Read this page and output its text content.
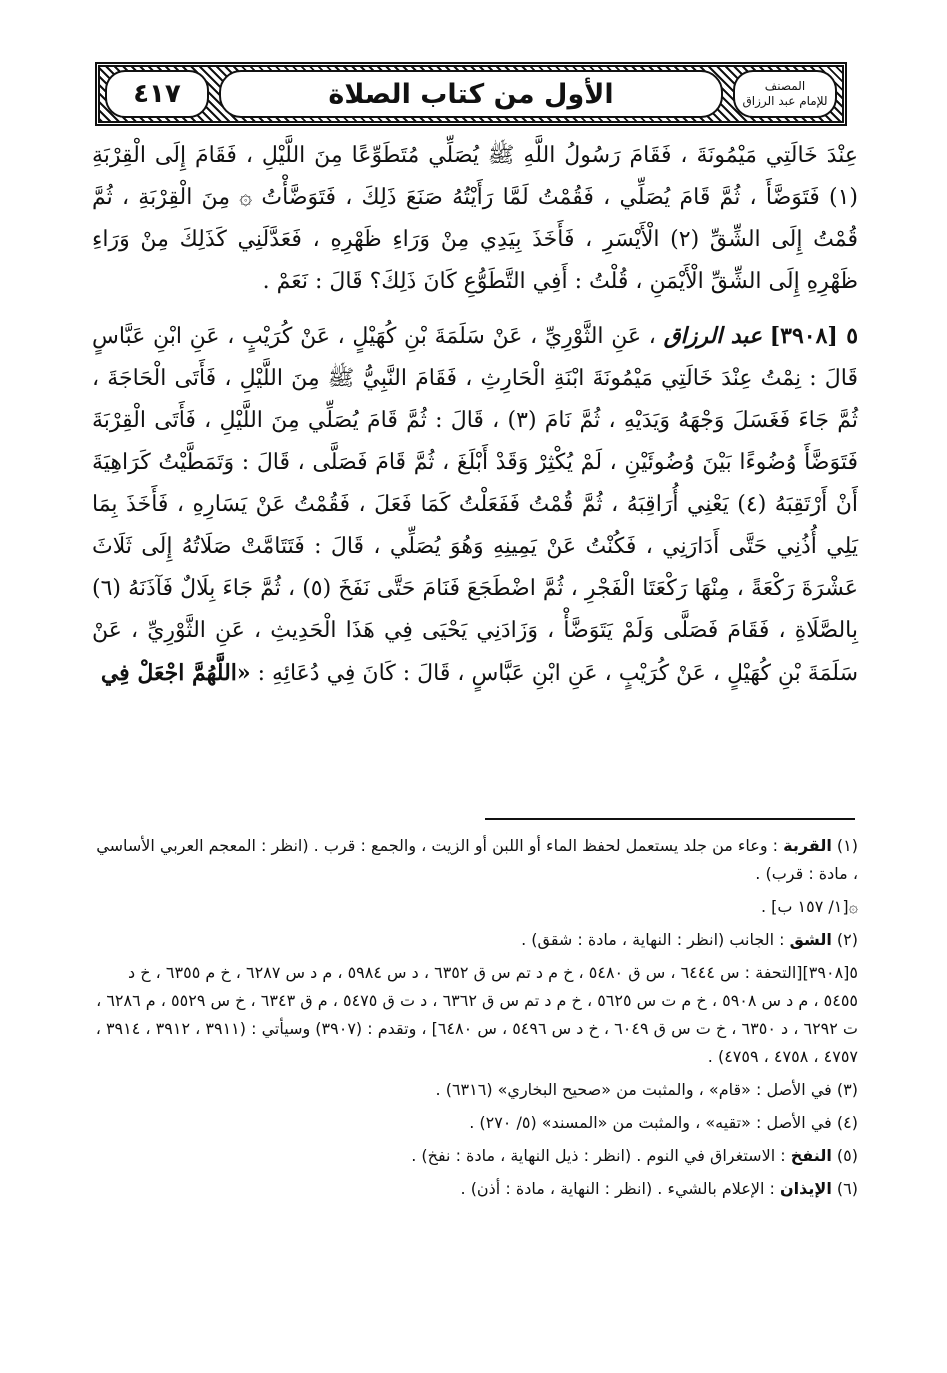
٤١٧	الأول من كتاب الصلاة	المصنف
للإمام عبد الرزاق

عِنْدَ خَالَتِي مَيْمُونَةَ ، فَقَامَ رَسُولُ اللَّهِ ﷺ يُصَلِّي مُتَطَوِّعًا مِنَ اللَّيْلِ ، فَقَامَ إِلَى الْقِرْبَةِ (١) فَتَوَضَّأَ ، ثُمَّ قَامَ يُصَلِّي ، فَقُمْتُ لَمَّا رَأَيْتُهُ صَنَعَ ذَلِكَ ، فَتَوَضَّأْتُ ۞ مِنَ الْقِرْبَةِ ، ثُمَّ قُمْتُ إِلَى الشِّقِّ (٢) الْأَيْسَرِ ، فَأَخَذَ بِيَدِي مِنْ وَرَاءِ ظَهْرِهِ ، فَعَدَّلَنِي كَذَلِكَ مِنْ وَرَاءِ ظَهْرِهِ إِلَى الشِّقِّ الْأَيْمَنِ ، قُلْتُ : أَفِي التَّطَوُّعِ كَانَ ذَلِكَ؟ قَالَ : نَعَمْ .

٥ [٣٩٠٨] عبد الرزاق ، عَنِ الثَّوْرِيِّ ، عَنْ سَلَمَةَ بْنِ كُهَيْلٍ ، عَنْ كُرَيْبٍ ، عَنِ ابْنِ عَبَّاسٍ قَالَ : نِمْتُ عِنْدَ خَالَتِي مَيْمُونَةَ ابْنَةِ الْحَارِثِ ، فَقَامَ النَّبِيُّ ﷺ مِنَ اللَّيْلِ ، فَأَتَى الْحَاجَةَ ، ثُمَّ جَاءَ فَغَسَلَ وَجْهَهُ وَيَدَيْهِ ، ثُمَّ نَامَ (٣) ، قَالَ : ثُمَّ قَامَ يُصَلِّي مِنَ اللَّيْلِ ، فَأَتَى الْقِرْبَةَ فَتَوَضَّأَ وُضُوءًا بَيْنَ وُضُوئَيْنِ ، لَمْ يُكْثِرْ وَقَدْ أَبْلَغَ ، ثُمَّ قَامَ فَصَلَّى ، قَالَ : وَتَمَطَّيْتُ كَرَاهِيَةَ أَنْ أَرْتَقِبَهُ (٤) يَعْنِي أُرَاقِبَهُ ، ثُمَّ قُمْتُ فَفَعَلْتُ كَمَا فَعَلَ ، فَقُمْتُ عَنْ يَسَارِهِ ، فَأَخَذَ بِمَا يَلِي أُذُنِي حَتَّى أَدَارَنِي ، فَكُنْتُ عَنْ يَمِينِهِ وَهُوَ يُصَلِّي ، قَالَ : فَتَتَامَّتْ صَلَاتُهُ إِلَى ثَلَاثَ عَشْرَةَ رَكْعَةً ، مِنْهَا رَكْعَتَا الْفَجْرِ ، ثُمَّ اضْطَجَعَ فَنَامَ حَتَّى نَفَخَ (٥) ، ثُمَّ جَاءَ بِلَالٌ فَآذَنَهُ (٦) بِالصَّلَاةِ ، فَقَامَ فَصَلَّى وَلَمْ يَتَوَضَّأْ ، وَزَادَنِي يَحْيَى فِي هَذَا الْحَدِيثِ ، عَنِ الثَّوْرِيِّ ، عَنْ سَلَمَةَ بْنِ كُهَيْلٍ ، عَنْ كُرَيْبٍ ، عَنِ ابْنِ عَبَّاسٍ ، قَالَ : كَانَ فِي دُعَائِهِ : «اللَّهُمَّ اجْعَلْ فِي

(١) القربة : وعاء من جلد يستعمل لحفظ الماء أو اللبن أو الزيت ، والجمع : قرب . (انظر : المعجم العربي الأساسي ، مادة : قرب) .

۞[١/ ١٥٧ ب] .

(٢) الشق : الجانب (انظر : النهاية ، مادة : شقق) .

٥[٣٩٠٨][التحفة : س ٦٤٤٤ ، س ق ٥٤٨٠ ، خ م د تم س ق ٦٣٥٢ ، د س ٥٩٨٤ ، م د س ٦٢٨٧ ، خ م ٦٣٥٥ ، خ د ٥٤٥٥ ، م د س ٥٩٠٨ ، خ م ت س ٥٦٢٥ ، خ م د تم س ق ٦٣٦٢ ، د ت ق ٥٤٧٥ ، م ق ٦٣٤٣ ، خ س ٥٥٢٩ ، م ٦٢٨٦ ، ت ٦٢٩٢ ، د ٦٣٥٠ ، خ ت س ق ٦٠٤٩ ، خ د س ٥٤٩٦ ، س ٦٤٨٠] ، وتقدم : (٣٩٠٧) وسيأتي : (٣٩١١ ، ٣٩١٢ ، ٣٩١٤ ، ٤٧٥٧ ، ٤٧٥٨ ، ٤٧٥٩) .

(٣) في الأصل : «قام» ، والمثبت من «صحيح البخاري» (٦٣١٦) .

(٤) في الأصل : «تقيه» ، والمثبت من «المسند» (٥/ ٢٧٠) .

(٥) النفخ : الاستغراق في النوم . (انظر : ذيل النهاية ، مادة : نفخ) .

(٦) الإيذان : الإعلام بالشيء . (انظر : النهاية ، مادة : أذن) .
